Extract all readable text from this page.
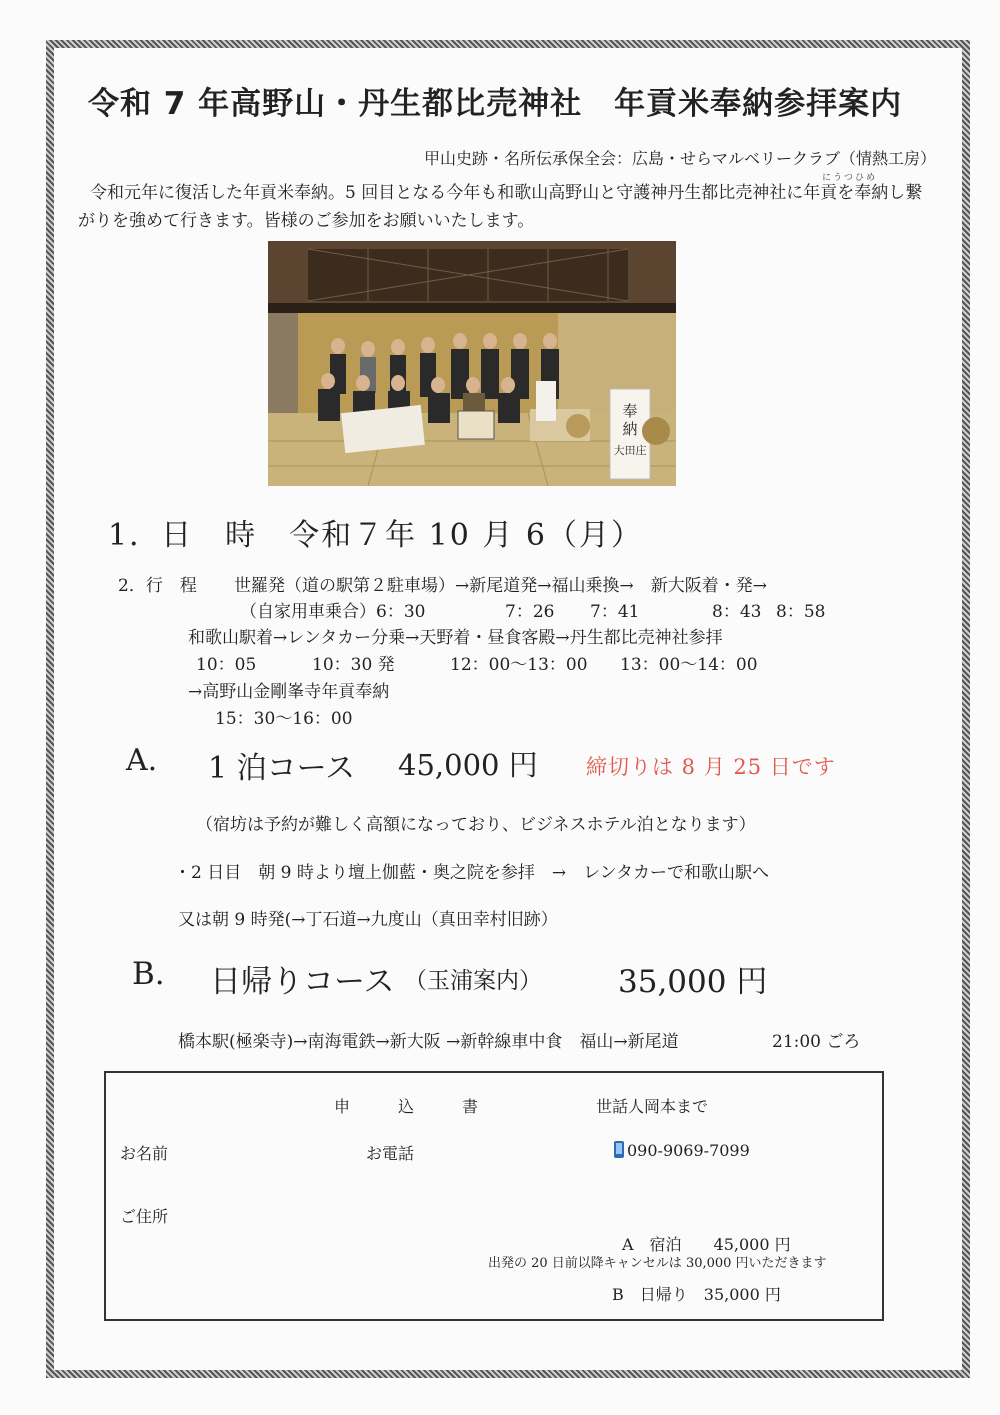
令和 7 年高野山・丹生都比売神社　年貢米奉納参拝案内
甲山史跡・名所伝承保全会：広島・せらマルベリークラブ（情熱工房）
にうつひめ
令和元年に復活した年貢米奉納。5 回目となる今年も和歌山高野山と守護神丹生都比売神社に年貢を奉納し繋がりを強めて行きます。皆様のご参加をお願いいたします。
奉
納
大田庄
1．日　時　令和７年 10 月 6（月）
2．行　程 世羅発（道の駅第２駐車場）→新尾道発→福山乗換→　新大阪着・発→
（自家用車乗合）6：30	7：26 7：41	8：43 8：58
和歌山駅着→レンタカー分乗→天野着・昼食客殿→丹生都比売神社参拝
10：05	10：30 発	12：00〜13：00 13：00〜14：00
→高野山金剛峯寺年貢奉納
15：30〜16：00
A. 1 泊コース 45,000 円 締切りは 8 月 25 日です
（宿坊は予約が難しく高額になっており、ビジネスホテル泊となります）
・2 日目　朝 9 時より壇上伽藍・奥之院を参拝　→　レンタカーで和歌山駅へ
又は朝 9 時発(→丁石道→九度山（真田幸村旧跡）
B. 日帰りコース （玉浦案内） 35,000 円
橋本駅(極楽寺)→南海電鉄→新大阪 →新幹線車中食　福山→新尾道	21:00 ごろ
申　　　込　　　書	世話人岡本まで
お名前	お電話	090-9069-7099
ご住所
A　宿泊　　45,000 円
出発の 20 日前以降キャンセルは 30,000 円いただきます
B　日帰り　35,000 円
